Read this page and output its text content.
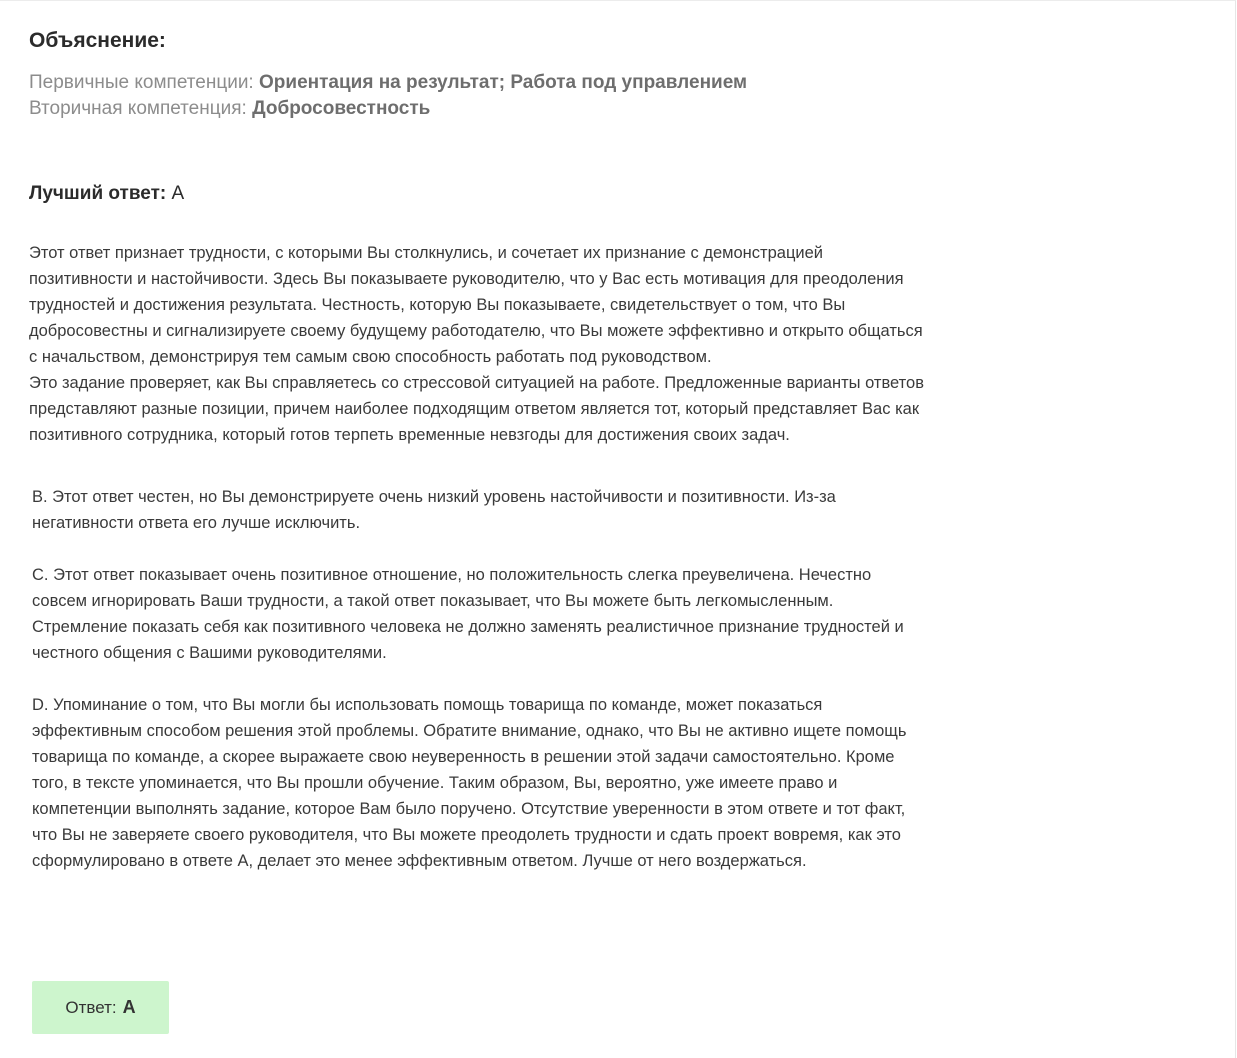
Объяснение:
Первичные компетенции: Ориентация на результат; Работа под управлением
Вторичная компетенция: Добросовестность
Лучший ответ: А

Этот ответ признает трудности, с которыми Вы столкнулись, и сочетает их признание с демонстрацией позитивности и настойчивости. Здесь Вы показываете руководителю, что у Вас есть мотивация для преодоления трудностей и достижения результата. Честность, которую Вы показываете, свидетельствует о том, что Вы добросовестны и сигнализируете своему будущему работодателю, что Вы можете эффективно и открыто общаться с начальством, демонстрируя тем самым свою способность работать под руководством.

Это задание проверяет, как Вы справляетесь со стрессовой ситуацией на работе. Предложенные варианты ответов представляют разные позиции, причем наиболее подходящим ответом является тот, который представляет Вас как позитивного сотрудника, который готов терпеть временные невзгоды для достижения своих задач.

B. Этот ответ честен, но Вы демонстрируете очень низкий уровень настойчивости и позитивности. Из-за негативности ответа его лучше исключить.

C. Этот ответ показывает очень позитивное отношение, но положительность слегка преувеличена. Нечестно совсем игнорировать Ваши трудности, а такой ответ показывает, что Вы можете быть легкомысленным. Стремление показать себя как позитивного человека не должно заменять реалистичное признание трудностей и честного общения с Вашими руководителями.

D. Упоминание о том, что Вы могли бы использовать помощь товарища по команде, может показаться эффективным способом решения этой проблемы. Обратите внимание, однако, что Вы не активно ищете помощь товарища по команде, а скорее выражаете свою неуверенность в решении этой задачи самостоятельно. Кроме того, в тексте упоминается, что Вы прошли обучение. Таким образом, Вы, вероятно, уже имеете право и компетенции выполнять задание, которое Вам было поручено. Отсутствие уверенности в этом ответе и тот факт, что Вы не заверяете своего руководителя, что Вы можете преодолеть трудности и сдать проект вовремя, как это сформулировано в ответе А, делает это менее эффективным ответом. Лучше от него воздержаться.

Ответ: А
